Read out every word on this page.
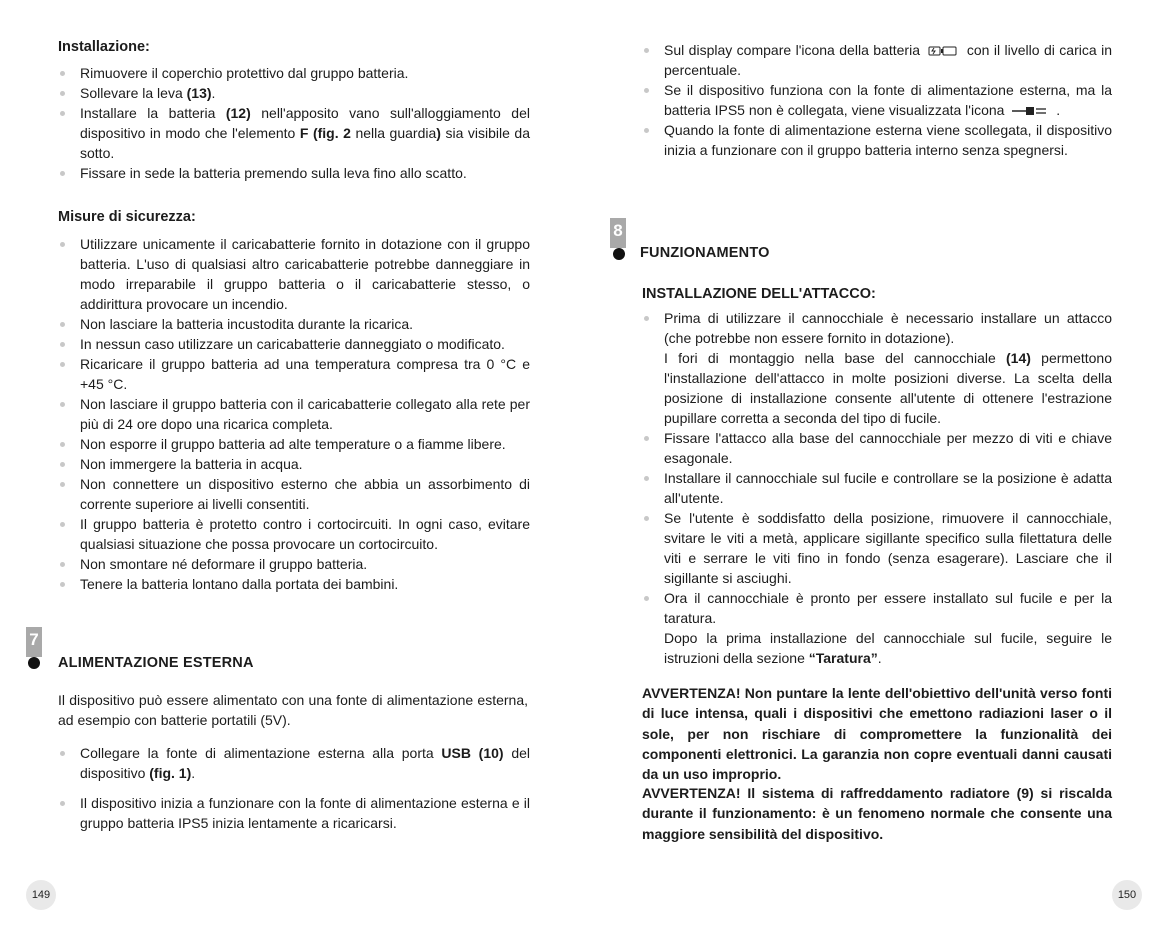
Installazione:
Rimuovere il coperchio protettivo dal gruppo batteria.
Sollevare la leva (13).
Installare la batteria (12) nell'apposito vano sull'alloggiamento del dispositivo in modo che l'elemento F (fig. 2 nella guardia) sia visibile da sotto.
Fissare in sede la batteria premendo sulla leva fino allo scatto.
Misure di sicurezza:
Utilizzare unicamente il caricabatterie fornito in dotazione con il gruppo batteria. L'uso di qualsiasi altro caricabatterie potrebbe danneggiare in modo irreparabile il gruppo batteria o il caricabatterie stesso, o addirittura provocare un incendio.
Non lasciare la batteria incustodita durante la ricarica.
In nessun caso utilizzare un caricabatterie danneggiato o modificato.
Ricaricare il gruppo batteria ad una temperatura compresa tra 0 °C e +45 °C.
Non lasciare il gruppo batteria con il caricabatterie collegato alla rete per più di 24 ore dopo una ricarica completa.
Non esporre il gruppo batteria ad alte temperature o a fiamme libere.
Non immergere la batteria in acqua.
Non connettere un dispositivo esterno che abbia un assorbimento di corrente superiore ai livelli consentiti.
Il gruppo batteria è protetto contro i cortocircuiti. In ogni caso, evitare qualsiasi situazione che possa provocare un cortocircuito.
Non smontare né deformare il gruppo batteria.
Tenere la batteria lontano dalla portata dei bambini.
7
ALIMENTAZIONE ESTERNA

Il dispositivo può essere alimentato con una fonte di alimentazione esterna, ad esempio con batterie portatili (5V).

Collegare la fonte di alimentazione esterna alla porta USB (10) del dispositivo (fig. 1).
Il dispositivo inizia a funzionare con la fonte di alimentazione esterna e il gruppo batteria IPS5 inizia lentamente a ricaricarsi.
149
Sul display compare l'icona della batteria	con il livello di carica in percentuale.
Se il dispositivo funziona con la fonte di alimentazione esterna, ma la batteria IPS5 non è collegata, viene visualizzata l'icona	.
Quando la fonte di alimentazione esterna viene scollegata, il dispositivo inizia a funzionare con il gruppo batteria interno senza spegnersi.
8
FUNZIONAMENTO
INSTALLAZIONE DELL'ATTACCO:
Prima di utilizzare il cannocchiale è necessario installare un attacco (che potrebbe non essere fornito in dotazione).
I fori di montaggio nella base del cannocchiale (14) permettono l'installazione dell'attacco in molte posizioni diverse. La scelta della posizione di installazione consente all'utente di ottenere l'estrazione pupillare corretta a seconda del tipo di fucile.
Fissare l'attacco alla base del cannocchiale per mezzo di viti e chiave esagonale.
Installare il cannocchiale sul fucile e controllare se la posizione è adatta all'utente.
Se l'utente è soddisfatto della posizione, rimuovere il cannocchiale, svitare le viti a metà, applicare sigillante specifico sulla filettatura delle viti e serrare le viti fino in fondo (senza esagerare). Lasciare che il sigillante si asciughi.
Ora il cannocchiale è pronto per essere installato sul fucile e per la taratura.
Dopo la prima installazione del cannocchiale sul fucile, seguire le istruzioni della sezione “Taratura”.

AVVERTENZA! Non puntare la lente dell'obiettivo dell'unità verso fonti di luce intensa, quali i dispositivi che emettono radiazioni laser o il sole, per non rischiare di compromettere la funzionalità dei componenti elettronici. La garanzia non copre eventuali danni causati da un uso improprio.

AVVERTENZA! Il sistema di raffreddamento radiatore (9) si riscalda durante il funzionamento: è un fenomeno normale che consente una maggiore sensibilità del dispositivo.

150
